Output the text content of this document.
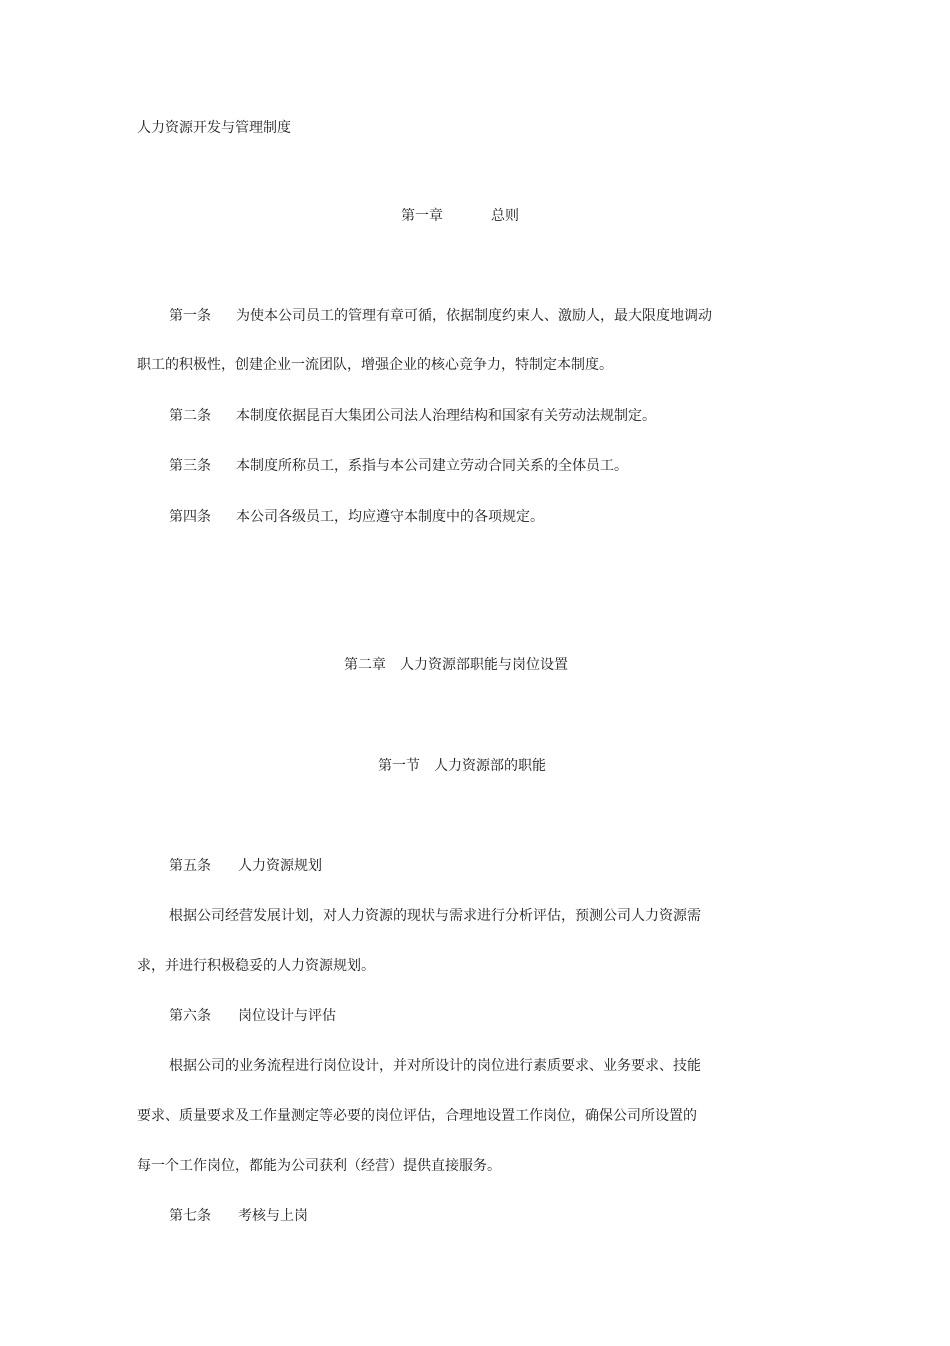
人力资源开发与管理制度
第一章	总则
第一条 为使本公司员工的管理有章可循，依据制度约束人、激励人，最大限度地调动
职工的积极性，创建企业一流团队，增强企业的核心竞争力，特制定本制度。
第二条 本制度依据昆百大集团公司法人治理结构和国家有关劳动法规制定。
第三条 本制度所称员工，系指与本公司建立劳动合同关系的全体员工。
第四条 本公司各级员工，均应遵守本制度中的各项规定。
第二章 人力资源部职能与岗位设置
第一节 人力资源部的职能
第五条 人力资源规划
根据公司经营发展计划，对人力资源的现状与需求进行分析评估，预测公司人力资源需
求，并进行积极稳妥的人力资源规划。
第六条 岗位设计与评估
根据公司的业务流程进行岗位设计，并对所设计的岗位进行素质要求、业务要求、技能
要求、质量要求及工作量测定等必要的岗位评估，合理地设置工作岗位，确保公司所设置的
每一个工作岗位，都能为公司获利（经营）提供直接服务。
第七条 考核与上岗
